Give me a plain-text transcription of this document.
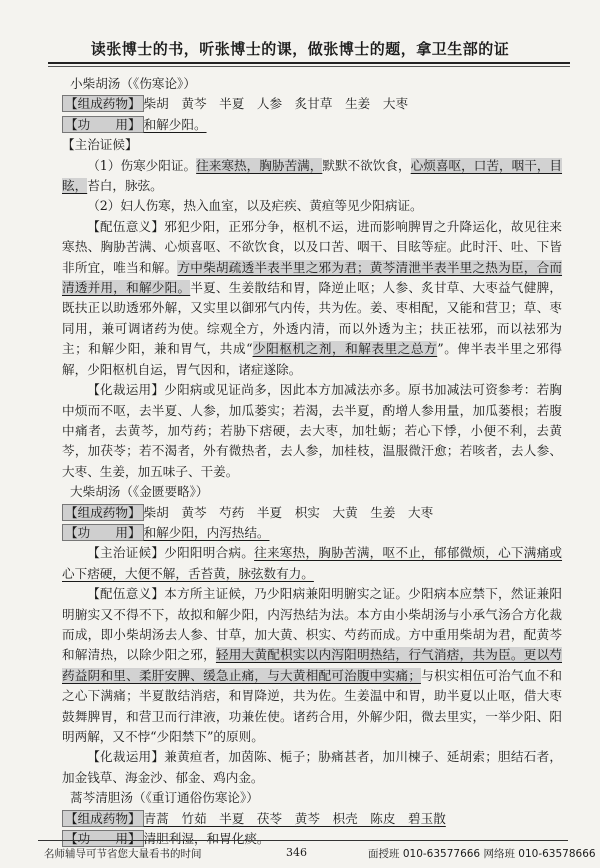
读张博士的书，听张博士的课，做张博士的题，拿卫生部的证

小柴胡汤（《伤寒论》）

【组成药物】 柴胡　黄芩　半夏　人参　炙甘草　生姜　大枣

【功　　用】 和解少阳。

【主治证候】

（1）伤寒少阳证。往来寒热，胸胁苦满，默默不欲饮食，心烦喜呕，口苦，咽干，目眩，苔白，脉弦。

（2）妇人伤寒，热入血室，以及疟疾、黄疸等见少阳病证。

【配伍意义】邪犯少阳，正邪分争，枢机不运，进而影响脾胃之升降运化，故见往来寒热、胸胁苦满、心烦喜呕、不欲饮食，以及口苦、咽干、目眩等症。此时汗、吐、下皆非所宜，唯当和解。方中柴胡疏透半表半里之邪为君；黄芩清泄半表半里之热为臣，合而清透并用，和解少阳。半夏、生姜散结和胃，降逆止呕；人参、炙甘草、大枣益气健脾，既扶正以助透邪外解，又实里以御邪气内传，共为佐。姜、枣相配，又能和营卫；草、枣同用，兼可调诸药为使。综观全方，外透内清，而以外透为主；扶正祛邪，而以祛邪为主；和解少阳，兼和胃气，共成“少阳枢机之剂，和解表里之总方”。俾半表半里之邪得解，少阳枢机自运，胃气因和，诸症遂除。

【化裁运用】少阳病或见证尚多，因此本方加减法亦多。原书加减法可资参考：若胸中烦而不呕，去半夏、人参，加瓜蒌实；若渴，去半夏，酌增人参用量，加瓜蒌根；若腹中痛者，去黄芩，加芍药；若胁下痞硬，去大枣，加牡蛎；若心下悸，小便不利，去黄芩，加茯苓；若不渴者，外有微热者，去人参，加桂枝，温服微汗愈；若咳者，去人参、大枣、生姜，加五味子、干姜。

大柴胡汤（《金匮要略》）

【组成药物】 柴胡　黄芩　芍药　半夏　枳实　大黄　生姜　大枣

【功　　用】 和解少阳，内泻热结。

【主治证候】少阳阳明合病。往来寒热，胸胁苦满，呕不止，郁郁微烦，心下满痛或心下痞硬，大便不解，舌苔黄，脉弦数有力。

【配伍意义】本方所主证候，乃少阳病兼阳明腑实之证。少阳病本应禁下，然证兼阳明腑实又不得不下，故拟和解少阳，内泻热结为法。本方由小柴胡汤与小承气汤合方化裁而成，即小柴胡汤去人参、甘草，加大黄、枳实、芍药而成。方中重用柴胡为君，配黄芩和解清热，以除少阳之邪，轻用大黄配枳实以内泻阳明热结，行气消痞，共为臣。更以芍药益阴和里、柔肝安脾、缓急止痛，与大黄相配可治腹中实痛；与枳实相伍可治气血不和之心下满痛；半夏散结消痞，和胃降逆，共为佐。生姜温中和胃，助半夏以止呕，借大枣鼓舞脾胃，和营卫而行津液，功兼佐使。诸药合用，外解少阳，微去里实，一举少阳、阳明两解，又不悖“少阳禁下”的原则。

【化裁运用】兼黄疸者，加茵陈、栀子；胁痛甚者，加川楝子、延胡索；胆结石者，加金钱草、海金沙、郁金、鸡内金。

蒿芩清胆汤（《重订通俗伤寒论》）

【组成药物】 青蒿　竹茹　半夏　茯苓　黄芩　枳壳　陈皮　碧玉散

【功　　用】 清胆利湿，和胃化痰。

名师辅导可节省您大量看书的时间	346	面授班 010-63577666 网络班 010-63578666
